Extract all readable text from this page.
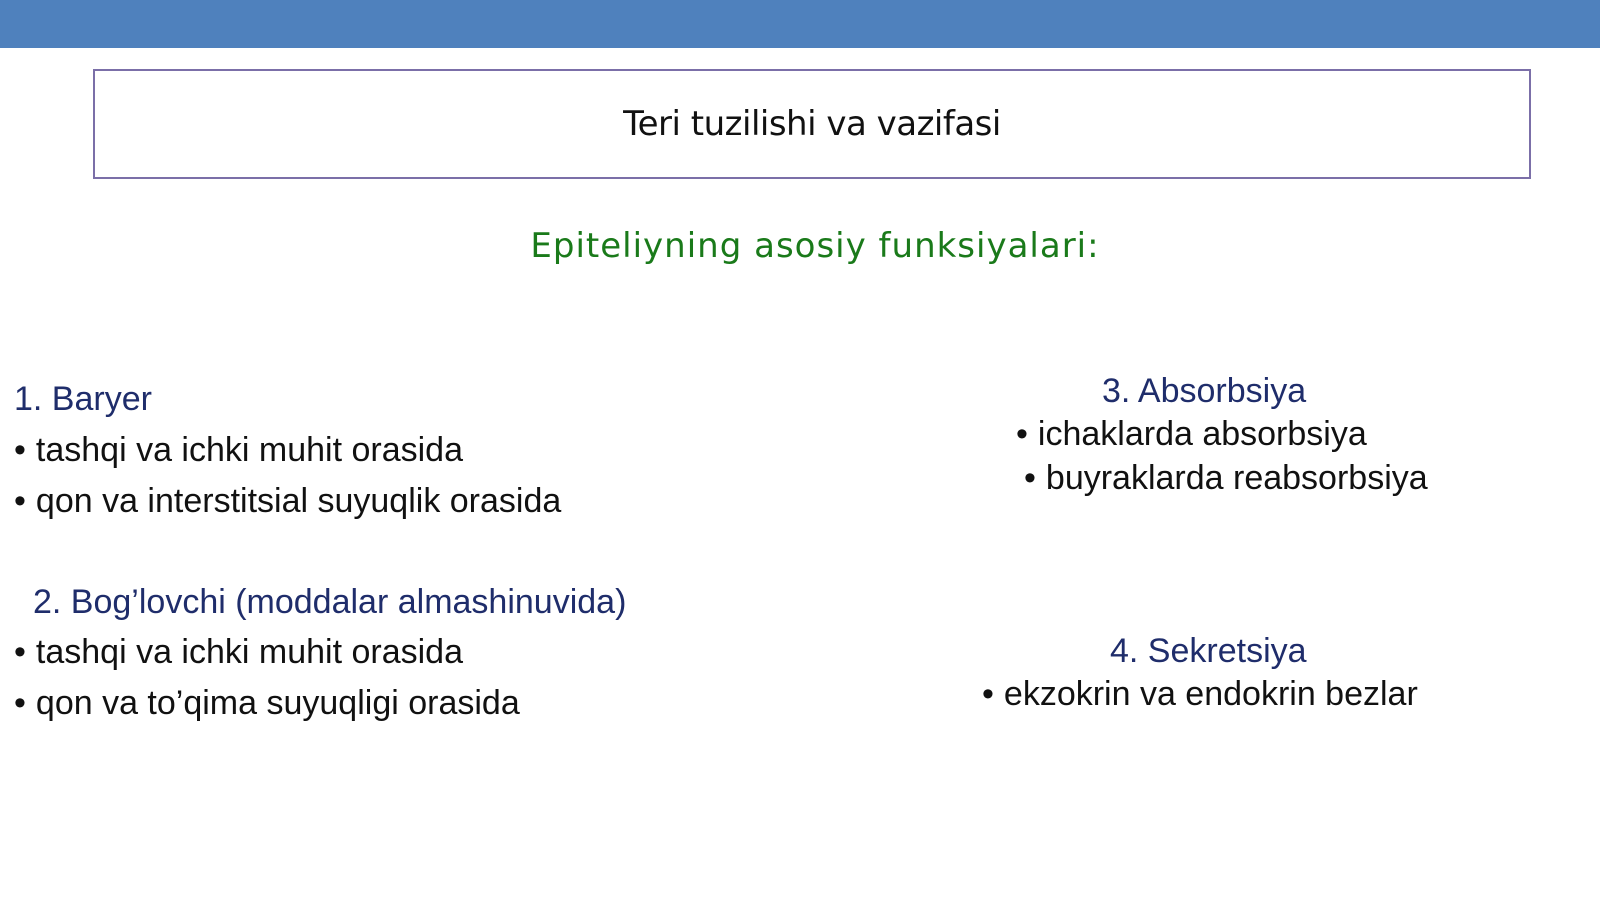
Teri tuzilishi va vazifasi
Epiteliyning asosiy funksiyalari:
1. Baryer
• tashqi va ichki muhit orasida
• qon va interstitsial suyuqlik orasida
2. Bog’lovchi (moddalar almashinuvida)
• tashqi va ichki muhit orasida
• qon va to’qima suyuqligi orasida
3. Absorbsiya
• ichaklarda absorbsiya
• buyraklarda reabsorbsiya
4. Sekretsiya
• ekzokrin va endokrin bezlar
